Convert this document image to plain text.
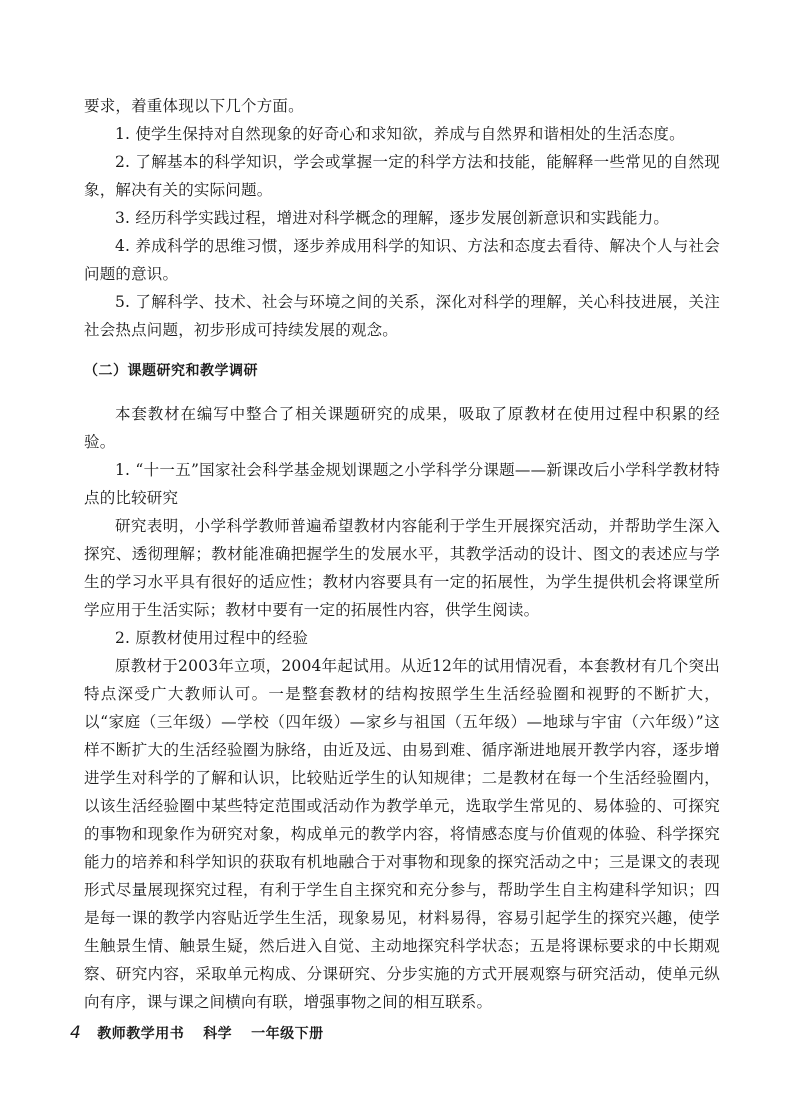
要求，着重体现以下几个方面。

1. 使学生保持对自然现象的好奇心和求知欲，养成与自然界和谐相处的生活态度。

2. 了解基本的科学知识，学会或掌握一定的科学方法和技能，能解释一些常见的自然现象，解决有关的实际问题。

3. 经历科学实践过程，增进对科学概念的理解，逐步发展创新意识和实践能力。

4. 养成科学的思维习惯，逐步养成用科学的知识、方法和态度去看待、解决个人与社会问题的意识。

5. 了解科学、技术、社会与环境之间的关系，深化对科学的理解，关心科技进展，关注社会热点问题，初步形成可持续发展的观念。

（二）课题研究和教学调研

本套教材在编写中整合了相关课题研究的成果，吸取了原教材在使用过程中积累的经验。

1. “十一五”国家社会科学基金规划课题之小学科学分课题——新课改后小学科学教材特点的比较研究

研究表明，小学科学教师普遍希望教材内容能利于学生开展探究活动，并帮助学生深入探究、透彻理解；教材能准确把握学生的发展水平，其教学活动的设计、图文的表述应与学生的学习水平具有很好的适应性；教材内容要具有一定的拓展性，为学生提供机会将课堂所学应用于生活实际；教材中要有一定的拓展性内容，供学生阅读。

2. 原教材使用过程中的经验

原教材于2003年立项，2004年起试用。从近12年的试用情况看，本套教材有几个突出特点深受广大教师认可。一是整套教材的结构按照学生生活经验圈和视野的不断扩大，以“家庭（三年级）—学校（四年级）—家乡与祖国（五年级）—地球与宇宙（六年级）”这样不断扩大的生活经验圈为脉络，由近及远、由易到难、循序渐进地展开教学内容，逐步增进学生对科学的了解和认识，比较贴近学生的认知规律；二是教材在每一个生活经验圈内，以该生活经验圈中某些特定范围或活动作为教学单元，选取学生常见的、易体验的、可探究的事物和现象作为研究对象，构成单元的教学内容，将情感态度与价值观的体验、科学探究能力的培养和科学知识的获取有机地融合于对事物和现象的探究活动之中；三是课文的表现形式尽量展现探究过程，有利于学生自主探究和充分参与，帮助学生自主构建科学知识；四是每一课的教学内容贴近学生生活，现象易见，材料易得，容易引起学生的探究兴趣，使学生触景生情、触景生疑，然后进入自觉、主动地探究科学状态；五是将课标要求的中长期观察、研究内容，采取单元构成、分课研究、分步实施的方式开展观察与研究活动，使单元纵向有序，课与课之间横向有联，增强事物之间的相互联系。

4 教师教学用书 科学 一年级下册
